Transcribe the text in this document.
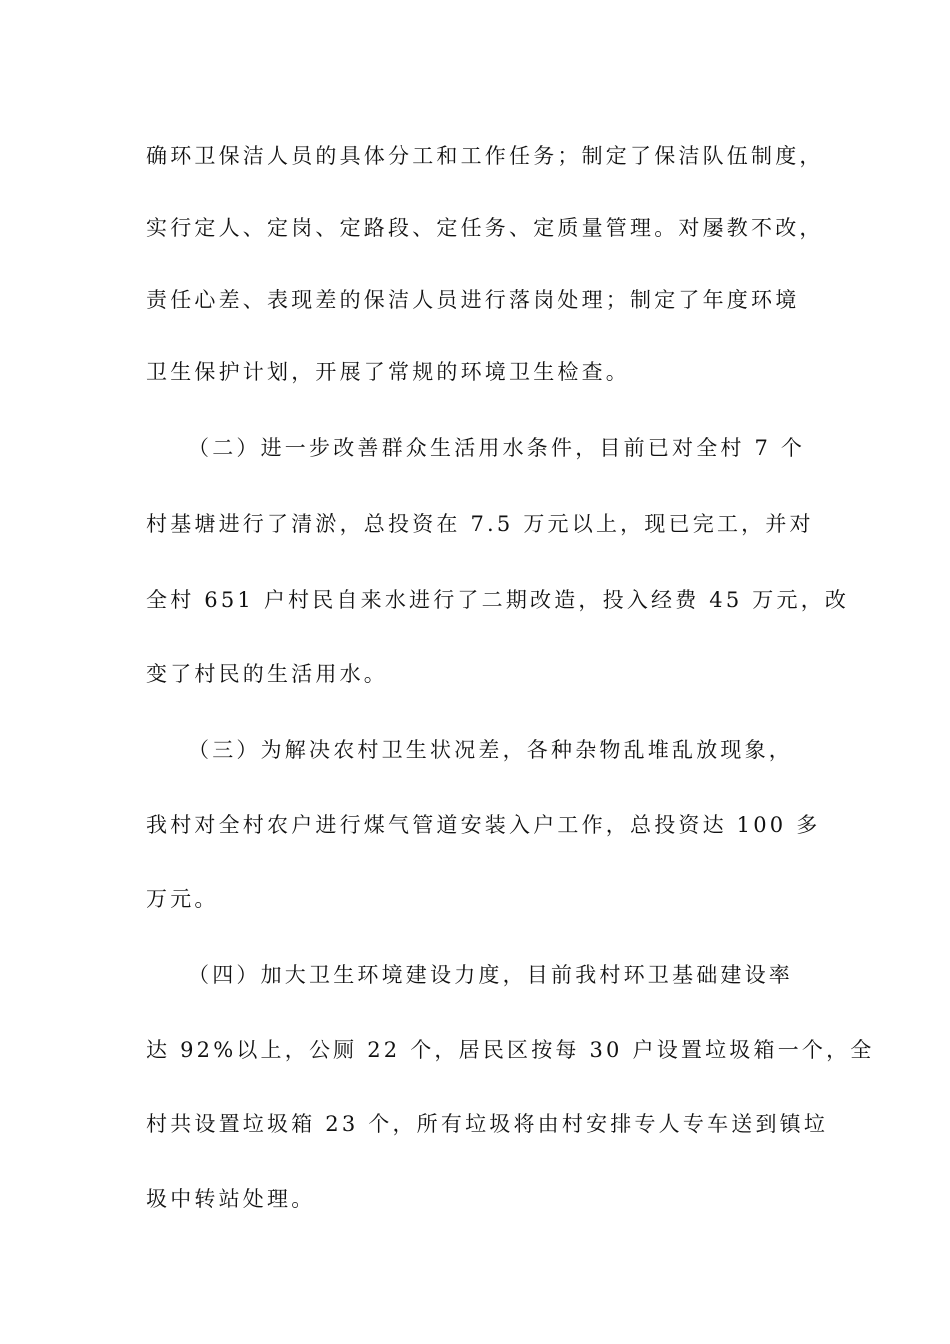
确环卫保洁人员的具体分工和工作任务；制定了保洁队伍制度，
实行定人、定岗、定路段、定任务、定质量管理。对屡教不改，
责任心差、表现差的保洁人员进行落岗处理；制定了年度环境
卫生保护计划，开展了常规的环境卫生检查。
（二）进一步改善群众生活用水条件，目前已对全村 7 个
村基塘进行了清淤，总投资在 7.5 万元以上，现已完工，并对
全村 651 户村民自来水进行了二期改造，投入经费 45 万元，改
变了村民的生活用水。
（三）为解决农村卫生状况差，各种杂物乱堆乱放现象，
我村对全村农户进行煤气管道安装入户工作，总投资达 100 多
万元。
（四）加大卫生环境建设力度，目前我村环卫基础建设率
达 92%以上，公厕 22 个，居民区按每 30 户设置垃圾箱一个，全
村共设置垃圾箱 23 个，所有垃圾将由村安排专人专车送到镇垃
圾中转站处理。
